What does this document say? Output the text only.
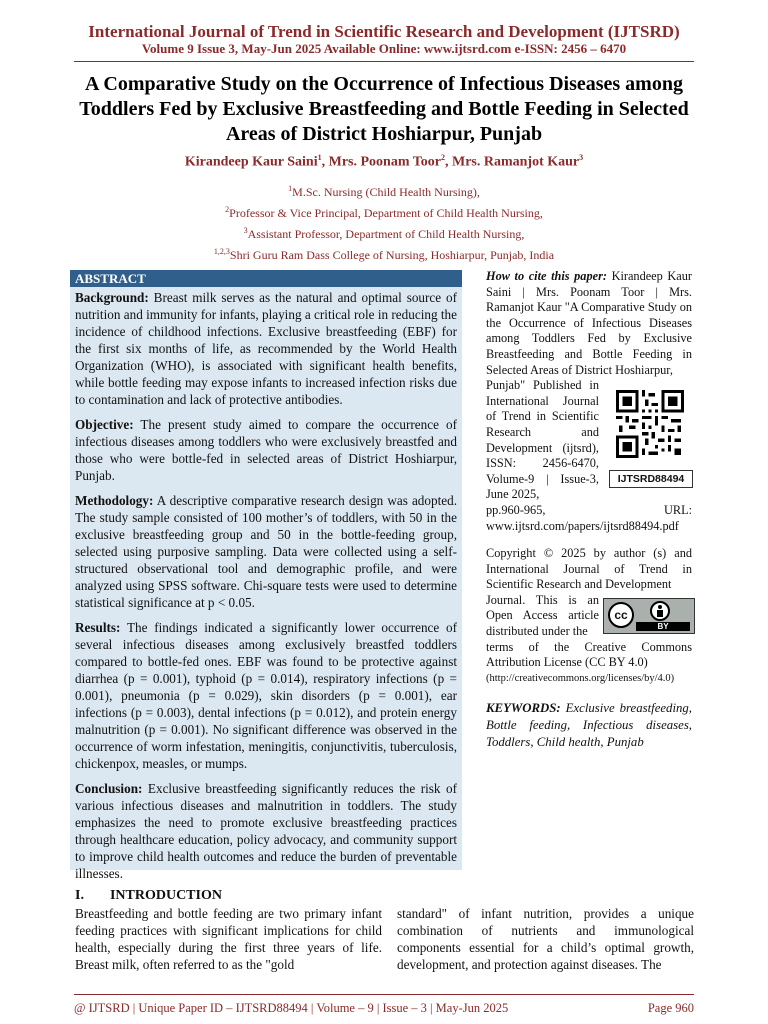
International Journal of Trend in Scientific Research and Development (IJTSRD)
Volume 9 Issue 3, May-Jun 2025 Available Online: www.ijtsrd.com e-ISSN: 2456 – 6470
A Comparative Study on the Occurrence of Infectious Diseases among Toddlers Fed by Exclusive Breastfeeding and Bottle Feeding in Selected Areas of District Hoshiarpur, Punjab
Kirandeep Kaur Saini$^1$, Mrs. Poonam Toor$^2$, Mrs. Ramanjot Kaur$^3$
$^1$M.Sc. Nursing (Child Health Nursing),
$^2$Professor & Vice Principal, Department of Child Health Nursing,
$^3$Assistant Professor, Department of Child Health Nursing,
$^{1,2,3}$Shri Guru Ram Dass College of Nursing, Hoshiarpur, Punjab, India
ABSTRACT

Background: Breast milk serves as the natural and optimal source of nutrition and immunity for infants, playing a critical role in reducing the incidence of childhood infections. Exclusive breastfeeding (EBF) for the first six months of life, as recommended by the World Health Organization (WHO), is associated with significant health benefits, while bottle feeding may expose infants to increased infection risks due to contamination and lack of protective antibodies.

Objective: The present study aimed to compare the occurrence of infectious diseases among toddlers who were exclusively breastfed and those who were bottle-fed in selected areas of District Hoshiarpur, Punjab.

Methodology: A descriptive comparative research design was adopted. The study sample consisted of 100 mother’s of toddlers, with 50 in the exclusive breastfeeding group and 50 in the bottle-feeding group, selected using purposive sampling. Data were collected using a self-structured observational tool and demographic profile, and were analyzed using SPSS software. Chi-square tests were used to determine statistical significance at p < 0.05.

Results: The findings indicated a significantly lower occurrence of several infectious diseases among exclusively breastfed toddlers compared to bottle-fed ones. EBF was found to be protective against diarrhea (p = 0.001), typhoid (p = 0.014), respiratory infections (p = 0.001), pneumonia (p = 0.029), skin disorders (p = 0.001), ear infections (p = 0.003), dental infections (p = 0.012), and protein energy malnutrition (p = 0.001). No significant difference was observed in the occurrence of worm infestation, meningitis, conjunctivitis, tuberculosis, chickenpox, measles, or mumps.

Conclusion: Exclusive breastfeeding significantly reduces the risk of various infectious diseases and malnutrition in toddlers. The study emphasizes the need to promote exclusive breastfeeding practices through healthcare education, policy advocacy, and community support to improve child health outcomes and reduce the burden of preventable illnesses.

How to cite this paper: Kirandeep Kaur Saini | Mrs. Poonam Toor | Mrs. Ramanjot Kaur "A Comparative Study on the Occurrence of Infectious Diseases among Toddlers Fed by Exclusive Breastfeeding and Bottle Feeding in Selected Areas of District Hoshiarpur,
Punjab" Published in International Journal of Trend in Scientific Research and Development (ijtsrd), ISSN: 2456-6470, Volume-9 | Issue-3, June 2025,
pp.960-965, URL: www.ijtsrd.com/papers/ijtsrd88494.pdf
IJTSRD88494
Copyright © 2025 by author (s) and International Journal of Trend in Scientific Research and Development
Journal. This is an Open Access article distributed under the
terms of the Creative Commons Attribution License (CC BY 4.0)
(http://creativecommons.org/licenses/by/4.0)
cc
BY
KEYWORDS: Exclusive breastfeeding, Bottle feeding, Infectious diseases, Toddlers, Child health, Punjab
I. INTRODUCTION
Breastfeeding and bottle feeding are two primary infant feeding practices with significant implications for child health, especially during the first three years of life. Breast milk, often referred to as the "gold
standard" of infant nutrition, provides a unique combination of nutrients and immunological components essential for a child’s optimal growth, development, and protection against diseases. The
@ IJTSRD | Unique Paper ID – IJTSRD88494 | Volume – 9 | Issue – 3 | May-Jun 2025	Page 960
